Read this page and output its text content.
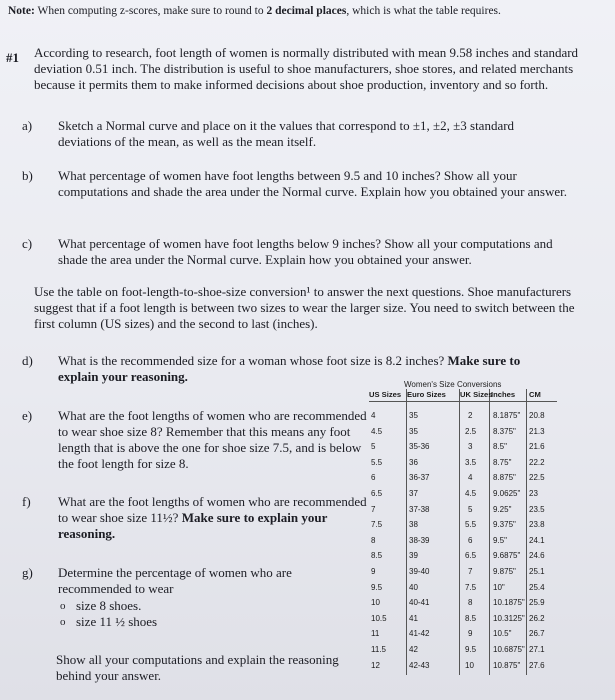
Note: When computing z-scores, make sure to round to 2 decimal places, which is what the table requires.
#1 According to research, foot length of women is normally distributed with mean 9.58 inches and standard deviation 0.51 inch. The distribution is useful to shoe manufacturers, shoe stores, and related merchants because it permits them to make informed decisions about shoe production, inventory and so forth.
a) Sketch a Normal curve and place on it the values that correspond to ±1, ±2, ±3 standard deviations of the mean, as well as the mean itself.
b) What percentage of women have foot lengths between 9.5 and 10 inches? Show all your computations and shade the area under the Normal curve. Explain how you obtained your answer.
c) What percentage of women have foot lengths below 9 inches? Show all your computations and shade the area under the Normal curve. Explain how you obtained your answer.
Use the table on foot-length-to-shoe-size conversion¹ to answer the next questions. Shoe manufacturers suggest that if a foot length is between two sizes to wear the larger size. You need to switch between the first column (US sizes) and the second to last (inches).
d) What is the recommended size for a woman whose foot size is 8.2 inches? Make sure to explain your reasoning.
e) What are the foot lengths of women who are recommended to wear shoe size 8? Remember that this means any foot length that is above the one for shoe size 7.5, and is below the foot length for size 8.
f) What are the foot lengths of women who are recommended to wear shoe size 11½? Make sure to explain your reasoning.
g) Determine the percentage of women who are recommended to wear
o size 8 shoes.
o size 11 ½ shoes
Show all your computations and explain the reasoning behind your answer.
Women's Size Conversions
US Sizes Euro Sizes UK Sizes
Inches CM
4	35	2	8.1875" 20.8
4.5	35	2.5 8.375" 21.3
5	35-36	3	8.5"	21.6
5.5	36	3.5 8.75" 22.2
6	36-37	4	8.875" 22.5
6.5	37	4.5 9.0625" 23
7	37-38	5	9.25" 23.5
7.5	38	5.5 9.375" 23.8
8	38-39	6	9.5"	24.1
8.5	39	6.5 9.6875" 24.6
9	39-40	7	9.875" 25.1
9.5	40	7.5 10"	25.4
10	40-41	8	10.1875" 25.9
10.5	41	8.5 10.3125" 26.2
11	41-42	9	10.5" 26.7
11.5	42	9.5 10.6875" 27.1
12	42-43	10 10.875" 27.6
